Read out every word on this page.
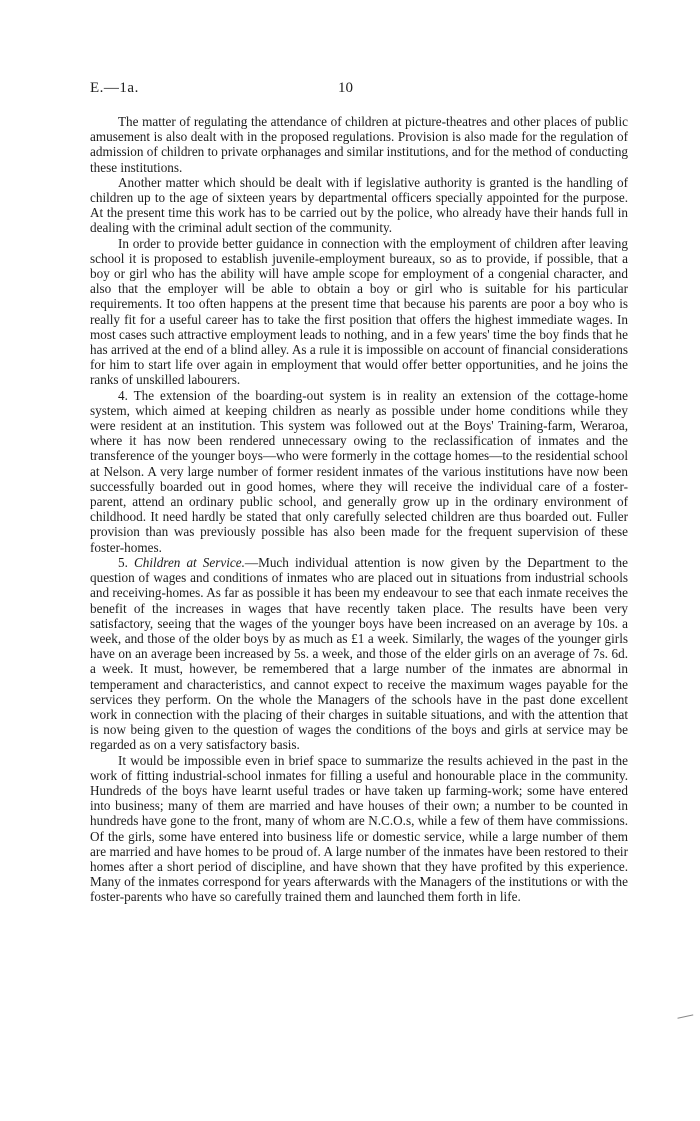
E.—1a.	10

The matter of regulating the attendance of children at picture-theatres and other places of public amusement is also dealt with in the proposed regulations. Provision is also made for the regulation of admission of children to private orphanages and similar institutions, and for the method of conducting these institutions.

Another matter which should be dealt with if legislative authority is granted is the handling of children up to the age of sixteen years by departmental officers specially appointed for the purpose. At the present time this work has to be carried out by the police, who already have their hands full in dealing with the criminal adult section of the community.

In order to provide better guidance in connection with the employment of children after leaving school it is proposed to establish juvenile-employment bureaux, so as to provide, if possible, that a boy or girl who has the ability will have ample scope for employment of a congenial character, and also that the employer will be able to obtain a boy or girl who is suitable for his particular requirements. It too often happens at the present time that because his parents are poor a boy who is really fit for a useful career has to take the first position that offers the highest immediate wages. In most cases such attractive employment leads to nothing, and in a few years' time the boy finds that he has arrived at the end of a blind alley. As a rule it is impossible on account of financial considerations for him to start life over again in employment that would offer better opportunities, and he joins the ranks of unskilled labourers.

4. The extension of the boarding-out system is in reality an extension of the cottage-home system, which aimed at keeping children as nearly as possible under home conditions while they were resident at an institution. This system was followed out at the Boys' Training-farm, Weraroa, where it has now been rendered unnecessary owing to the reclassification of inmates and the transference of the younger boys—who were formerly in the cottage homes—to the residential school at Nelson. A very large number of former resident inmates of the various institutions have now been successfully boarded out in good homes, where they will receive the individual care of a foster-parent, attend an ordinary public school, and generally grow up in the ordinary environment of childhood. It need hardly be stated that only carefully selected children are thus boarded out. Fuller provision than was previously possible has also been made for the frequent supervision of these foster-homes.

5. Children at Service.—Much individual attention is now given by the Department to the question of wages and conditions of inmates who are placed out in situations from industrial schools and receiving-homes. As far as possible it has been my endeavour to see that each inmate receives the benefit of the increases in wages that have recently taken place. The results have been very satisfactory, seeing that the wages of the younger boys have been increased on an average by 10s. a week, and those of the older boys by as much as £1 a week. Similarly, the wages of the younger girls have on an average been increased by 5s. a week, and those of the elder girls on an average of 7s. 6d. a week. It must, however, be remembered that a large number of the inmates are abnormal in temperament and characteristics, and cannot expect to receive the maximum wages payable for the services they perform. On the whole the Managers of the schools have in the past done excellent work in connection with the placing of their charges in suitable situations, and with the attention that is now being given to the question of wages the conditions of the boys and girls at service may be regarded as on a very satisfactory basis.

It would be impossible even in brief space to summarize the results achieved in the past in the work of fitting industrial-school inmates for filling a useful and honourable place in the community. Hundreds of the boys have learnt useful trades or have taken up farming-work; some have entered into business; many of them are married and have houses of their own; a number to be counted in hundreds have gone to the front, many of whom are N.C.O.s, while a few of them have commissions. Of the girls, some have entered into business life or domestic service, while a large number of them are married and have homes to be proud of. A large number of the inmates have been restored to their homes after a short period of discipline, and have shown that they have profited by this experience. Many of the inmates correspond for years afterwards with the Managers of the institutions or with the foster-parents who have so carefully trained them and launched them forth in life.
